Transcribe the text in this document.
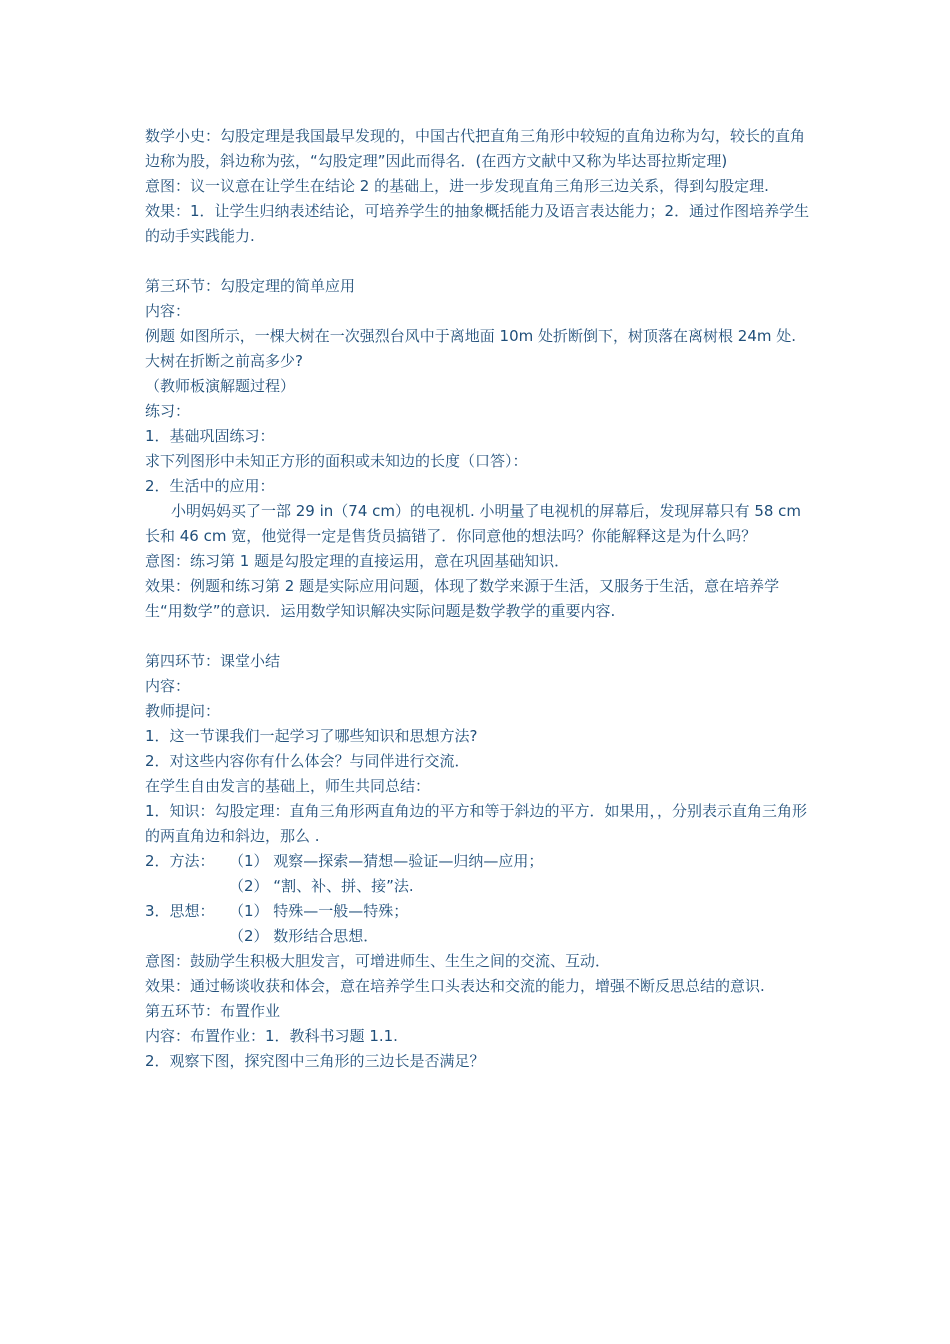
数学小史：勾股定理是我国最早发现的，中国古代把直角三角形中较短的直角边称为勾，较长的直角边称为股，斜边称为弦，“勾股定理”因此而得名．(在西方文献中又称为毕达哥拉斯定理)

意图：议一议意在让学生在结论 2 的基础上，进一步发现直角三角形三边关系，得到勾股定理.

效果：1．让学生归纳表述结论，可培养学生的抽象概括能力及语言表达能力；2．通过作图培养学生的动手实践能力.

第三环节：勾股定理的简单应用

内容：

例题 如图所示，一棵大树在一次强烈台风中于离地面 10m 处折断倒下，树顶落在离树根 24m 处. 大树在折断之前高多少?

（教师板演解题过程）

练习：

1．基础巩固练习：

求下列图形中未知正方形的面积或未知边的长度（口答）：

2．生活中的应用：

小明妈妈买了一部 29 in（74 cm）的电视机. 小明量了电视机的屏幕后，发现屏幕只有 58 cm 长和 46 cm 宽，他觉得一定是售货员搞错了．你同意他的想法吗？你能解释这是为什么吗？

意图：练习第 1 题是勾股定理的直接运用，意在巩固基础知识．

效果：例题和练习第 2 题是实际应用问题，体现了数学来源于生活，又服务于生活，意在培养学生“用数学”的意识．运用数学知识解决实际问题是数学教学的重要内容.

第四环节：课堂小结

内容：

教师提问：

1．这一节课我们一起学习了哪些知识和思想方法?

2．对这些内容你有什么体会？与同伴进行交流．

在学生自由发言的基础上，师生共同总结：

1．知识：勾股定理：直角三角形两直角边的平方和等于斜边的平方．如果用，，分别表示直角三角形的两直角边和斜边，那么 .

2．方法： （1） 观察—探索—猜想—验证—归纳—应用；
（2） “割、补、拼、接”法.
3．思想： （1） 特殊—一般—特殊；
（2） 数形结合思想．

意图：鼓励学生积极大胆发言，可增进师生、生生之间的交流、互动．

效果：通过畅谈收获和体会，意在培养学生口头表达和交流的能力，增强不断反思总结的意识.

第五环节：布置作业

内容：布置作业：1．教科书习题 1.1.

2．观察下图，探究图中三角形的三边长是否满足？
